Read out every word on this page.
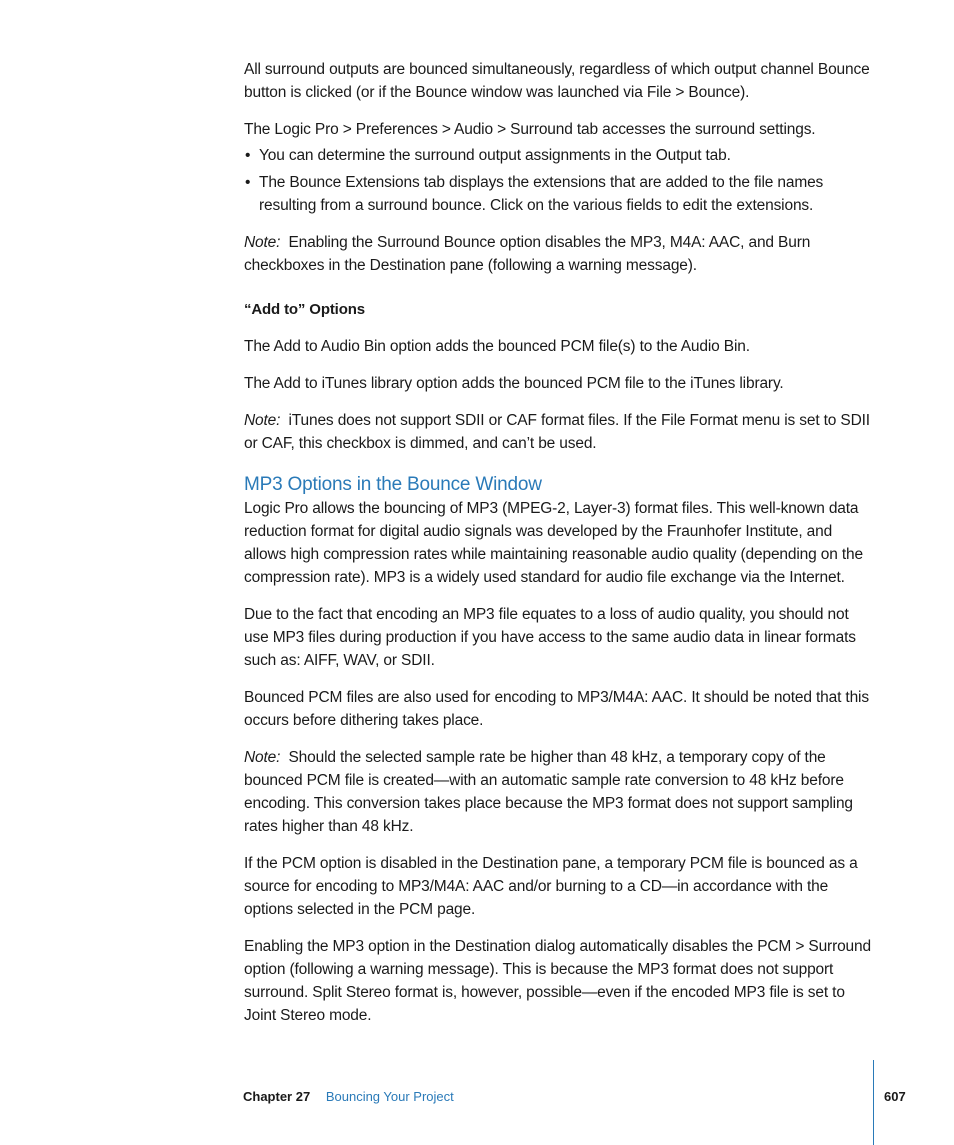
All surround outputs are bounced simultaneously, regardless of which output channel Bounce button is clicked (or if the Bounce window was launched via File > Bounce).

The Logic Pro > Preferences > Audio > Surround tab accesses the surround settings.

• You can determine the surround output assignments in the Output tab.
• The Bounce Extensions tab displays the extensions that are added to the file names resulting from a surround bounce. Click on the various fields to edit the extensions.

Note: Enabling the Surround Bounce option disables the MP3, M4A: AAC, and Burn checkboxes in the Destination pane (following a warning message).

“Add to” Options

The Add to Audio Bin option adds the bounced PCM file(s) to the Audio Bin.

The Add to iTunes library option adds the bounced PCM file to the iTunes library.

Note: iTunes does not support SDII or CAF format files. If the File Format menu is set to SDII or CAF, this checkbox is dimmed, and can’t be used.

MP3 Options in the Bounce Window

Logic Pro allows the bouncing of MP3 (MPEG-2, Layer-3) format files. This well-known data reduction format for digital audio signals was developed by the Fraunhofer Institute, and allows high compression rates while maintaining reasonable audio quality (depending on the compression rate). MP3 is a widely used standard for audio file exchange via the Internet.

Due to the fact that encoding an MP3 file equates to a loss of audio quality, you should not use MP3 files during production if you have access to the same audio data in linear formats such as: AIFF, WAV, or SDII.

Bounced PCM files are also used for encoding to MP3/M4A: AAC. It should be noted that this occurs before dithering takes place.

Note: Should the selected sample rate be higher than 48 kHz, a temporary copy of the bounced PCM file is created—with an automatic sample rate conversion to 48 kHz before encoding. This conversion takes place because the MP3 format does not support sampling rates higher than 48 kHz.

If the PCM option is disabled in the Destination pane, a temporary PCM file is bounced as a source for encoding to MP3/M4A: AAC and/or burning to a CD—in accordance with the options selected in the PCM page.

Enabling the MP3 option in the Destination dialog automatically disables the PCM > Surround option (following a warning message). This is because the MP3 format does not support surround. Split Stereo format is, however, possible—even if the encoded MP3 file is set to Joint Stereo mode.

Chapter 27 Bouncing Your Project	607
